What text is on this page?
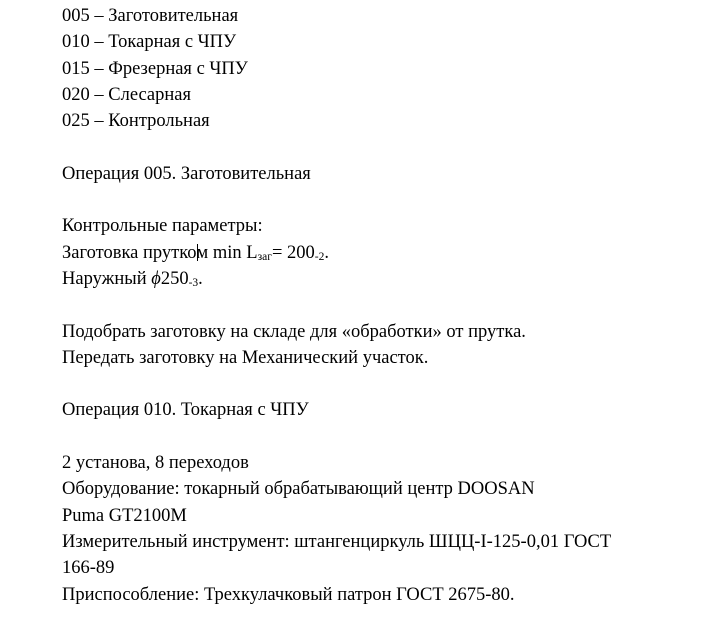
005 – Заготовительная
010 – Токарная с ЧПУ
015 – Фрезерная с ЧПУ
020 – Слесарная
025 – Контрольная
Операция 005. Заготовительная
Контрольные параметры:
Заготовка прутком min Lзаг= 200-2.
Наружный ϕ250-3.
Подобрать заготовку на складе для «обработки» от прутка.
Передать заготовку на Механический участок.
Операция 010. Токарная с ЧПУ
2 установа, 8 переходов
Оборудование: токарный обрабатывающий центр DOOSAN
Puma GT2100M
Измерительный инструмент: штангенциркуль ШЦЦ-I-125-0,01 ГОСТ
166-89
Приспособление: Трехкулачковый патрон ГОСТ 2675-80.
